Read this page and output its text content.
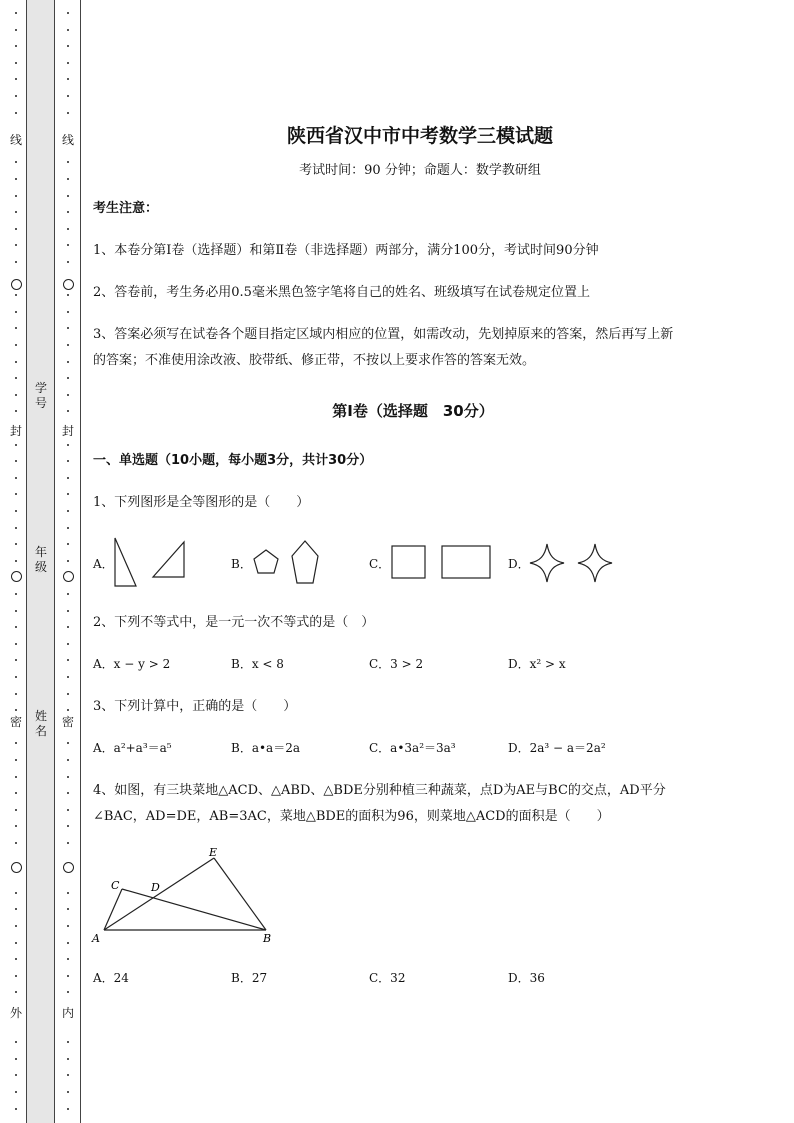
线
封
密
外
线
封
密
内
学号
年级
姓名
陕西省汉中市中考数学三模试题
考试时间：90 分钟；命题人：数学教研组
考生注意：
1、本卷分第Ⅰ卷（选择题）和第Ⅱ卷（非选择题）两部分，满分100分，考试时间90分钟
2、答卷前，考生务必用0.5毫米黑色签字笔将自己的姓名、班级填写在试卷规定位置上
3、答案必须写在试卷各个题目指定区域内相应的位置，如需改动，先划掉原来的答案，然后再写上新
的答案；不准使用涂改液、胶带纸、修正带，不按以上要求作答的答案无效。
第Ⅰ卷（选择题　30分）
一、单选题（10小题，每小题3分，共计30分）
1、下列图形是全等图形的是（　　）
A．	B．	C．	D．
2、下列不等式中，是一元一次不等式的是（　）
A．x − y > 2	B．x < 8	C．3 > 2	D．x² > x
3、下列计算中，正确的是（　　）
A．a²+a³＝a⁵	B．a•a＝2a	C．a•3a²＝3a³	D．2a³ − a＝2a²
4、如图，有三块菜地△ACD、△ABD、△BDE分别种植三种蔬菜，点D为AE与BC的交点，AD平分
∠BAC，AD=DE，AB=3AC，菜地△BDE的面积为96，则菜地△ACD的面积是（　　）
E
C	D
A	B
A．24	B．27	C．32	D．36
